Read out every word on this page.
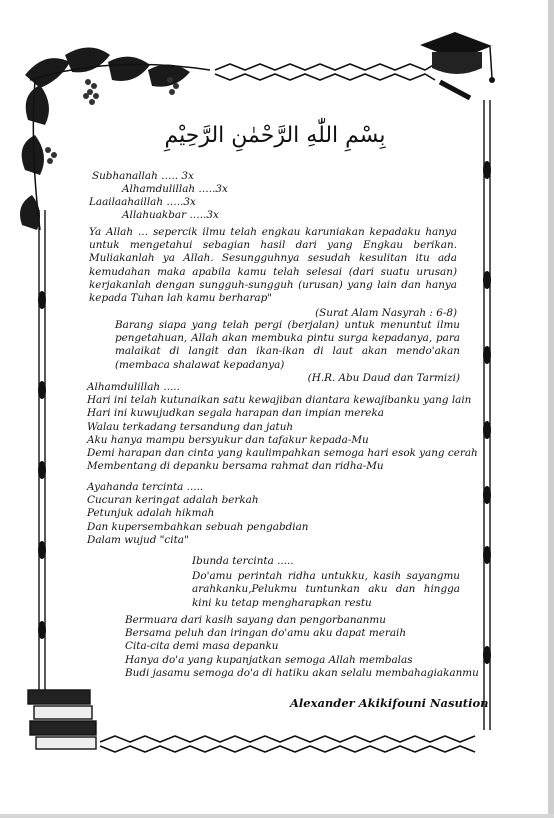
بِسْمِ اللّٰهِ الرَّحْمٰنِ الرَّحِيْمِ
Subhanallah ….. 3x
Alhamdulillah …..3x
Laailaahaillah …..3x
Allahuakbar …..3x
Ya Allah … sepercik ilmu telah engkau karuniakan kepadaku hanya untuk mengetahui sebagian hasil dari yang Engkau berikan. Muliakanlah ya Allah. Sesungguhnya sesudah kesulitan itu ada kemudahan maka apabila kamu telah selesai (dari suatu urusan) kerjakanlah dengan sungguh-sungguh (urusan) yang lain dan hanya kepada Tuhan lah kamu berharap"
(Surat Alam Nasyrah : 6-8)
Barang siapa yang telah pergi (berjalan) untuk menuntut ilmu pengetahuan, Allah akan membuka pintu surga kepadanya, para malaikat di langit dan ikan-ikan di laut akan mendo'akan (membaca shalawat kepadanya)
(H.R. Abu Daud dan Tarmizi)
Alhamdulillah .....
Hari ini telah kutunaikan satu kewajiban diantara kewajibanku yang lain
Hari ini kuwujudkan segala harapan dan impian mereka
Walau terkadang tersandung dan jatuh
Aku hanya mampu bersyukur dan tafakur kepada-Mu
Demi harapan dan cinta yang kaulimpahkan semoga hari esok yang cerah
Membentang di depanku bersama rahmat dan ridha-Mu
Ayahanda tercinta .....
Cucuran keringat adalah berkah
Petunjuk adalah hikmah
Dan kupersembahkan sebuah pengabdian
Dalam wujud "cita"
Ibunda tercinta .....
Do'amu perintah ridha untukku, kasih sayangmu arahkanku,Pelukmu tuntunkan aku dan hingga kini ku tetap mengharapkan restu
Bermuara dari kasih sayang dan pengorbananmu
Bersama peluh dan iringan do'amu aku dapat meraih
Cita-cita demi masa depanku
Hanya do'a yang kupanjatkan semoga Allah membalas
Budi jasamu semoga do'a di hatiku akan selalu membahagiakanmu
Alexander Akikifouni Nasution
